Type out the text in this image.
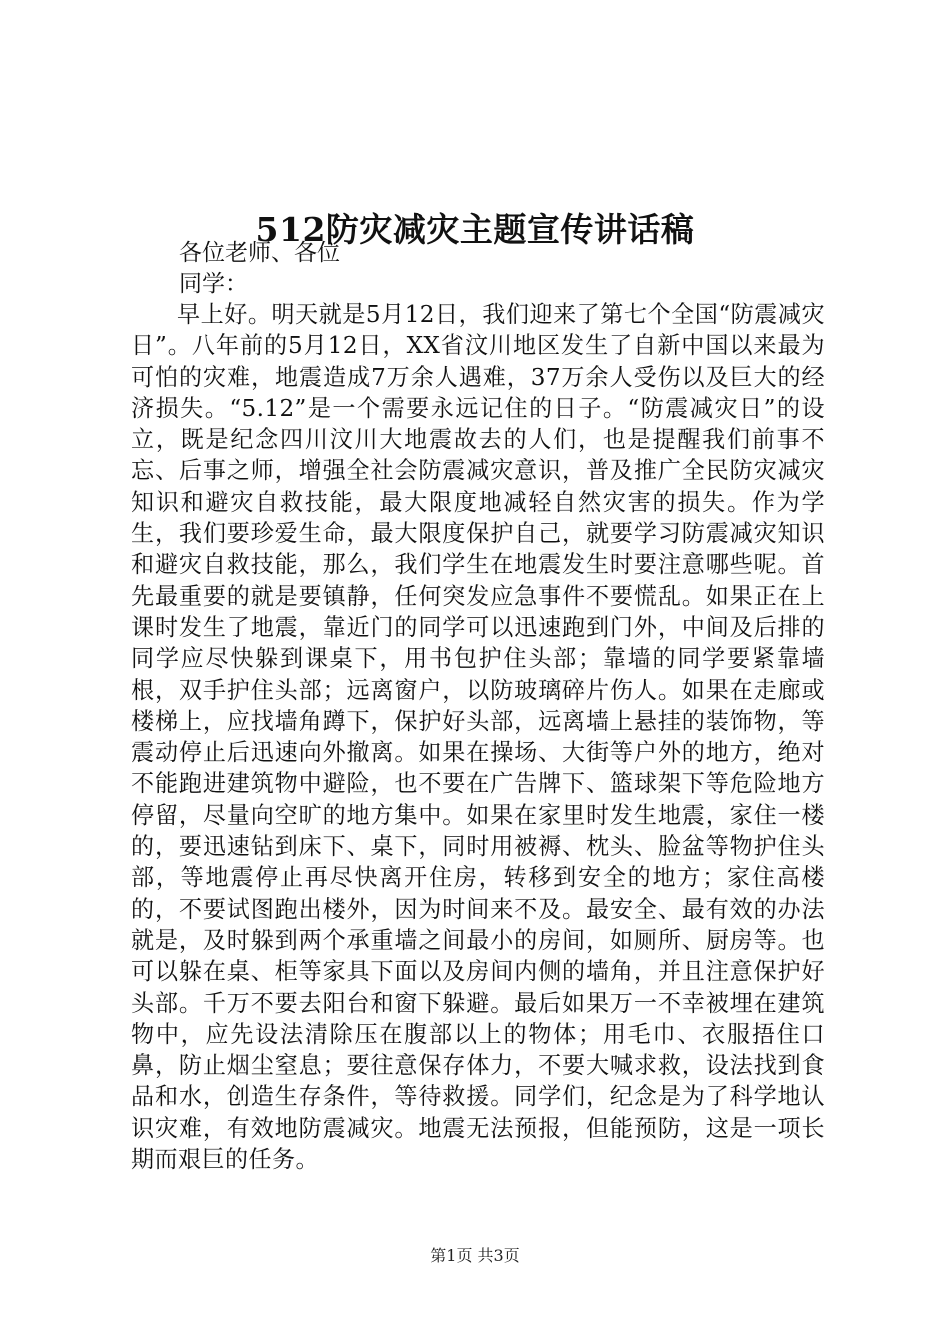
512防灾减灾主题宣传讲话稿

各位老师、各位

同学：

早上好。明天就是5月12日，我们迎来了第七个全国“防震减灾日”。八年前的5月12日，XX省汶川地区发生了自新中国以来最为可怕的灾难，地震造成7万余人遇难，37万余人受伤以及巨大的经济损失。“5.12”是一个需要永远记住的日子。“防震减灾日”的设立，既是纪念四川汶川大地震故去的人们，也是提醒我们前事不忘、后事之师，增强全社会防震减灾意识，普及推广全民防灾减灾知识和避灾自救技能，最大限度地减轻自然灾害的损失。作为学生，我们要珍爱生命，最大限度保护自己，就要学习防震减灾知识和避灾自救技能，那么，我们学生在地震发生时要注意哪些呢。首先最重要的就是要镇静，任何突发应急事件不要慌乱。如果正在上课时发生了地震，靠近门的同学可以迅速跑到门外，中间及后排的同学应尽快躲到课桌下，用书包护住头部；靠墙的同学要紧靠墙根，双手护住头部；远离窗户，以防玻璃碎片伤人。如果在走廊或楼梯上，应找墙角蹲下，保护好头部，远离墙上悬挂的装饰物，等震动停止后迅速向外撤离。如果在操场、大街等户外的地方，绝对不能跑进建筑物中避险，也不要在广告牌下、篮球架下等危险地方停留，尽量向空旷的地方集中。如果在家里时发生地震，家住一楼的，要迅速钻到床下、桌下，同时用被褥、枕头、脸盆等物护住头部，等地震停止再尽快离开住房，转移到安全的地方；家住高楼的，不要试图跑出楼外，因为时间来不及。最安全、最有效的办法就是，及时躲到两个承重墙之间最小的房间，如厕所、厨房等。也可以躲在桌、柜等家具下面以及房间内侧的墙角，并且注意保护好头部。千万不要去阳台和窗下躲避。最后如果万一不幸被埋在建筑物中，应先设法清除压在腹部以上的物体；用毛巾、衣服捂住口鼻，防止烟尘窒息；要往意保存体力，不要大喊求救，设法找到食品和水，创造生存条件，等待救援。同学们，纪念是为了科学地认识灾难，有效地防震减灾。地震无法预报，但能预防，这是一项长期而艰巨的任务。

第1页 共3页
